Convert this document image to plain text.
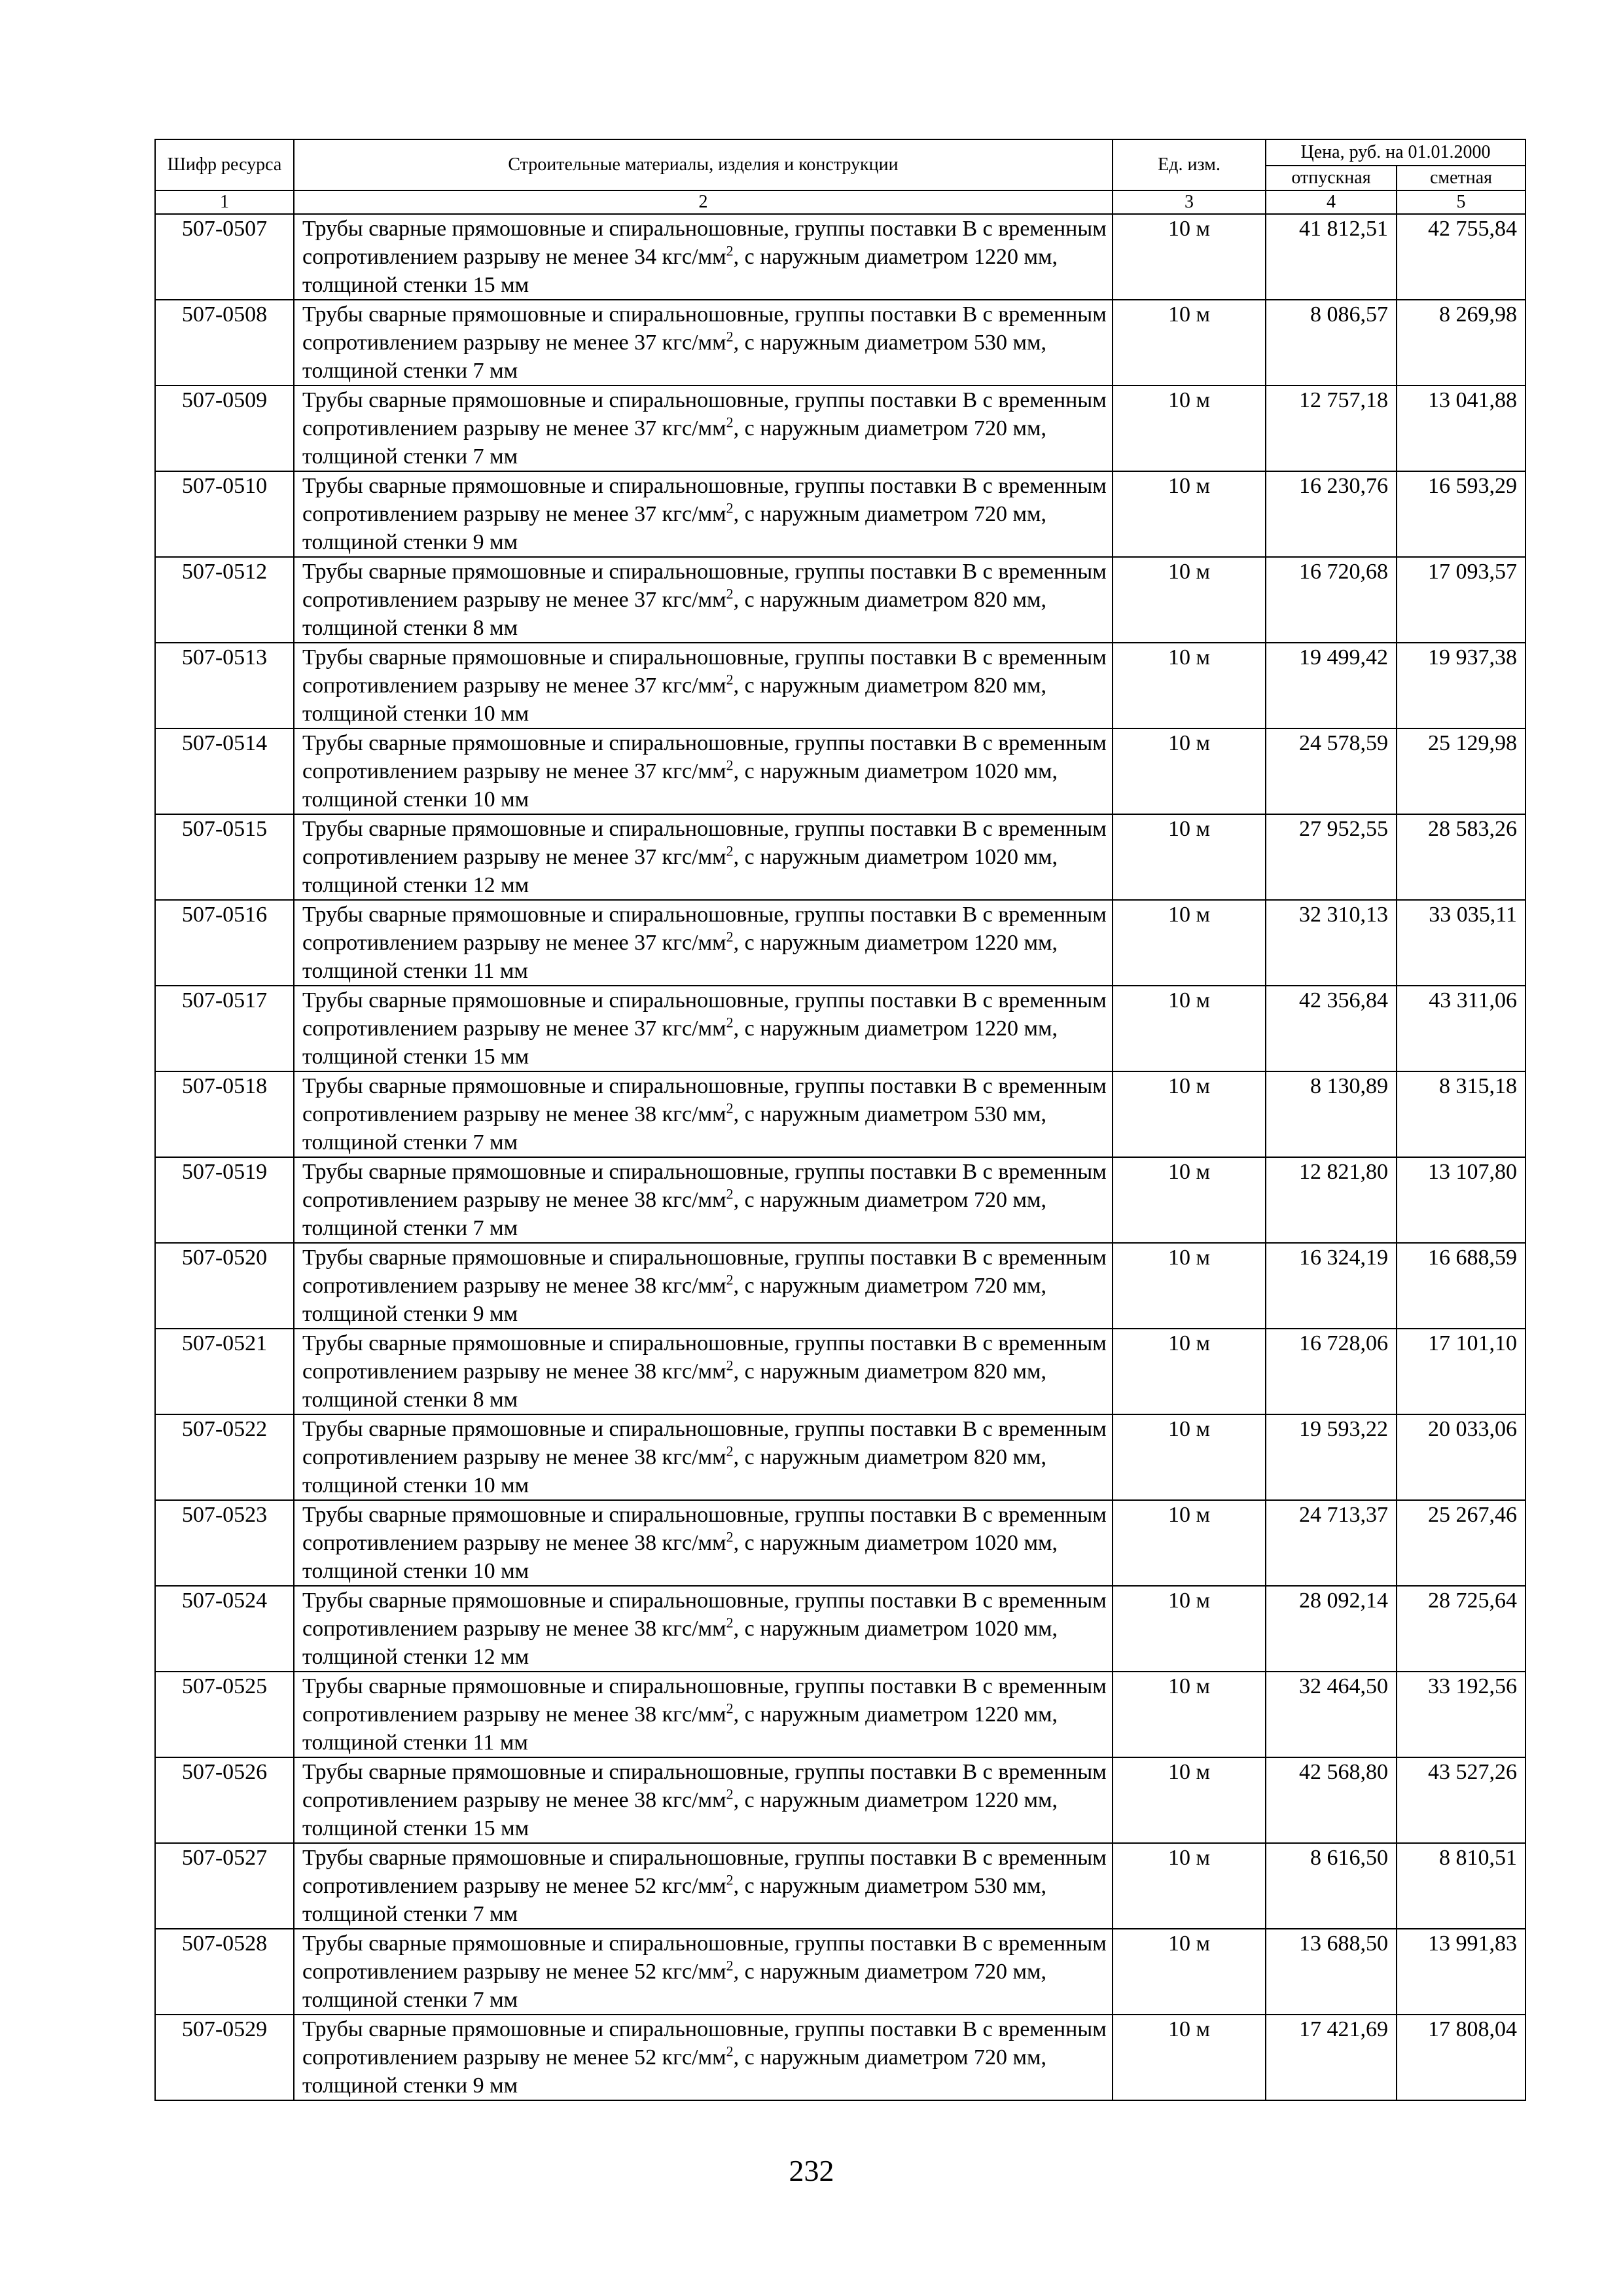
Шифр ресурса	Строительные материалы, изделия и конструкции	Ед. изм.	Цена, руб. на 01.01.2000	
			отпускная	сметная
1	2	3	4	5
507-0507	Трубы сварные прямошовные и спиральношовные, группы поставки В с временным сопротивлением разрыву не менее 34 кгс/$мм^2$, с наружным диаметром 1220 мм, толщиной стенки 15 мм	10 м	41 812,51	42 755,84
507-0508	Трубы сварные прямошовные и спиральношовные, группы поставки В с временным сопротивлением разрыву не менее 37 кгс/$мм^2$, с наружным диаметром 530 мм, толщиной стенки 7 мм	10 м	8 086,57	8 269,98
507-0509	Трубы сварные прямошовные и спиральношовные, группы поставки В с временным сопротивлением разрыву не менее 37 кгс/$мм^2$, с наружным диаметром 720 мм, толщиной стенки 7 мм	10 м	12 757,18	13 041,88
507-0510	Трубы сварные прямошовные и спиральношовные, группы поставки В с временным сопротивлением разрыву не менее 37 кгс/$мм^2$, с наружным диаметром 720 мм, толщиной стенки 9 мм	10 м	16 230,76	16 593,29
507-0512	Трубы сварные прямошовные и спиральношовные, группы поставки В с временным сопротивлением разрыву не менее 37 кгс/$мм^2$, с наружным диаметром 820 мм, толщиной стенки 8 мм	10 м	16 720,68	17 093,57
507-0513	Трубы сварные прямошовные и спиральношовные, группы поставки В с временным сопротивлением разрыву не менее 37 кгс/$мм^2$, с наружным диаметром 820 мм, толщиной стенки 10 мм	10 м	19 499,42	19 937,38
507-0514	Трубы сварные прямошовные и спиральношовные, группы поставки В с временным сопротивлением разрыву не менее 37 кгс/$мм^2$, с наружным диаметром 1020 мм, толщиной стенки 10 мм	10 м	24 578,59	25 129,98
507-0515	Трубы сварные прямошовные и спиральношовные, группы поставки В с временным сопротивлением разрыву не менее 37 кгс/$мм^2$, с наружным диаметром 1020 мм, толщиной стенки 12 мм	10 м	27 952,55	28 583,26
507-0516	Трубы сварные прямошовные и спиральношовные, группы поставки В с временным сопротивлением разрыву не менее 37 кгс/$мм^2$, с наружным диаметром 1220 мм, толщиной стенки 11 мм	10 м	32 310,13	33 035,11
507-0517	Трубы сварные прямошовные и спиральношовные, группы поставки В с временным сопротивлением разрыву не менее 37 кгс/$мм^2$, с наружным диаметром 1220 мм, толщиной стенки 15 мм	10 м	42 356,84	43 311,06
507-0518	Трубы сварные прямошовные и спиральношовные, группы поставки В с временным сопротивлением разрыву не менее 38 кгс/$мм^2$, с наружным диаметром 530 мм, толщиной стенки 7 мм	10 м	8 130,89	8 315,18
507-0519	Трубы сварные прямошовные и спиральношовные, группы поставки В с временным сопротивлением разрыву не менее 38 кгс/$мм^2$, с наружным диаметром 720 мм, толщиной стенки 7 мм	10 м	12 821,80	13 107,80
507-0520	Трубы сварные прямошовные и спиральношовные, группы поставки В с временным сопротивлением разрыву не менее 38 кгс/$мм^2$, с наружным диаметром 720 мм, толщиной стенки 9 мм	10 м	16 324,19	16 688,59
507-0521	Трубы сварные прямошовные и спиральношовные, группы поставки В с временным сопротивлением разрыву не менее 38 кгс/$мм^2$, с наружным диаметром 820 мм, толщиной стенки 8 мм	10 м	16 728,06	17 101,10
507-0522	Трубы сварные прямошовные и спиральношовные, группы поставки В с временным сопротивлением разрыву не менее 38 кгс/$мм^2$, с наружным диаметром 820 мм, толщиной стенки 10 мм	10 м	19 593,22	20 033,06
507-0523	Трубы сварные прямошовные и спиральношовные, группы поставки В с временным сопротивлением разрыву не менее 38 кгс/$мм^2$, с наружным диаметром 1020 мм, толщиной стенки 10 мм	10 м	24 713,37	25 267,46
507-0524	Трубы сварные прямошовные и спиральношовные, группы поставки В с временным сопротивлением разрыву не менее 38 кгс/$мм^2$, с наружным диаметром 1020 мм, толщиной стенки 12 мм	10 м	28 092,14	28 725,64
507-0525	Трубы сварные прямошовные и спиральношовные, группы поставки В с временным сопротивлением разрыву не менее 38 кгс/$мм^2$, с наружным диаметром 1220 мм, толщиной стенки 11 мм	10 м	32 464,50	33 192,56
507-0526	Трубы сварные прямошовные и спиральношовные, группы поставки В с временным сопротивлением разрыву не менее 38 кгс/$мм^2$, с наружным диаметром 1220 мм, толщиной стенки 15 мм	10 м	42 568,80	43 527,26
507-0527	Трубы сварные прямошовные и спиральношовные, группы поставки В с временным сопротивлением разрыву не менее 52 кгс/$мм^2$, с наружным диаметром 530 мм, толщиной стенки 7 мм	10 м	8 616,50	8 810,51
507-0528	Трубы сварные прямошовные и спиральношовные, группы поставки В с временным сопротивлением разрыву не менее 52 кгс/$мм^2$, с наружным диаметром 720 мм, толщиной стенки 7 мм	10 м	13 688,50	13 991,83
507-0529	Трубы сварные прямошовные и спиральношовные, группы поставки В с временным сопротивлением разрыву не менее 52 кгс/$мм^2$, с наружным диаметром 720 мм, толщиной стенки 9 мм	10 м	17 421,69	17 808,04
232
